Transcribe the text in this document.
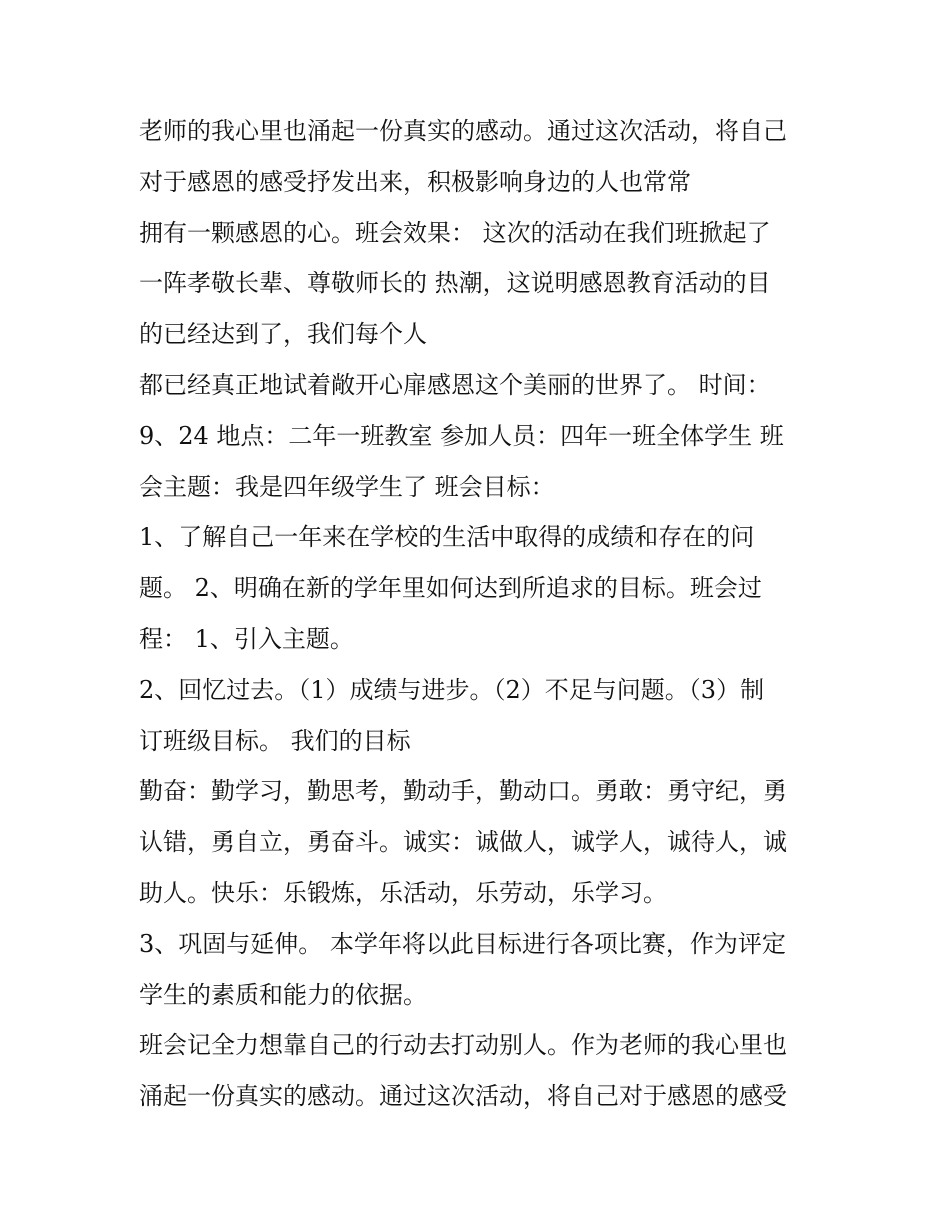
老师的我心里也涌起一份真实的感动。通过这次活动，将自己
对于感恩的感受抒发出来，积极影响身边的人也常常
拥有一颗感恩的心。班会效果： 这次的活动在我们班掀起了
一阵孝敬长辈、尊敬师长的 热潮，这说明感恩教育活动的目
的已经达到了，我们每个人
都已经真正地试着敞开心扉感恩这个美丽的世界了。 时间：
9、24 地点：二年一班教室 参加人员：四年一班全体学生 班
会主题：我是四年级学生了 班会目标：
1、了解自己一年来在学校的生活中取得的成绩和存在的问
题。 2、明确在新的学年里如何达到所追求的目标。班会过
程： 1、引入主题。
2、回忆过去。（1）成绩与进步。（2）不足与问题。（3）制
订班级目标。 我们的目标
勤奋：勤学习，勤思考，勤动手，勤动口。勇敢：勇守纪，勇
认错，勇自立，勇奋斗。诚实：诚做人，诚学人，诚待人，诚
助人。快乐：乐锻炼，乐活动，乐劳动，乐学习。
3、巩固与延伸。 本学年将以此目标进行各项比赛，作为评定
学生的素质和能力的依据。
班会记全力想靠自己的行动去打动别人。作为老师的我心里也
涌起一份真实的感动。通过这次活动，将自己对于感恩的感受
